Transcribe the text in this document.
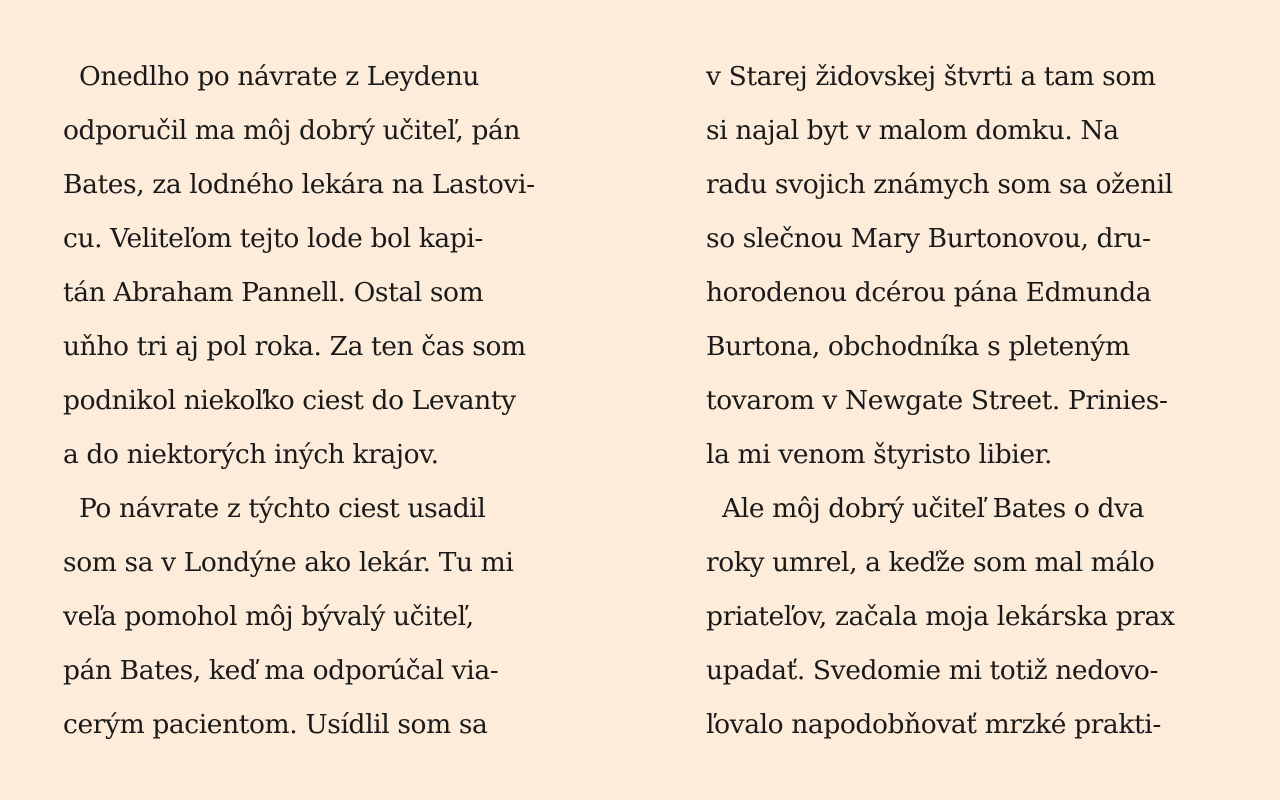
Onedlho po návrate z Leydenu
odporučil ma môj dobrý učiteľ, pán
Bates, za lodného lekára na Lastovi-
cu. Veliteľom tejto lode bol kapi-
tán Abraham Pannell. Ostal som
uňho tri aj pol roka. Za ten čas som
podnikol niekoľko ciest do Levanty
a do niektorých iných krajov.
Po návrate z týchto ciest usadil
som sa v Londýne ako lekár. Tu mi
veľa pomohol môj bývalý učiteľ,
pán Bates, keď ma odporúčal via-
cerým pacientom. Usídlil som sa
v Starej židovskej štvrti a tam som
si najal byt v malom domku. Na
radu svojich známych som sa oženil
so slečnou Mary Burtonovou, dru-
horodenou dcérou pána Edmunda
Burtona, obchodníka s pleteným
tovarom v Newgate Street. Prinies-
la mi venom štyristo libier.
Ale môj dobrý učiteľ Bates o dva
roky umrel, a keďže som mal málo
priateľov, začala moja lekárska prax
upadať. Svedomie mi totiž nedovo-
ľovalo napodobňovať mrzké prakti-
